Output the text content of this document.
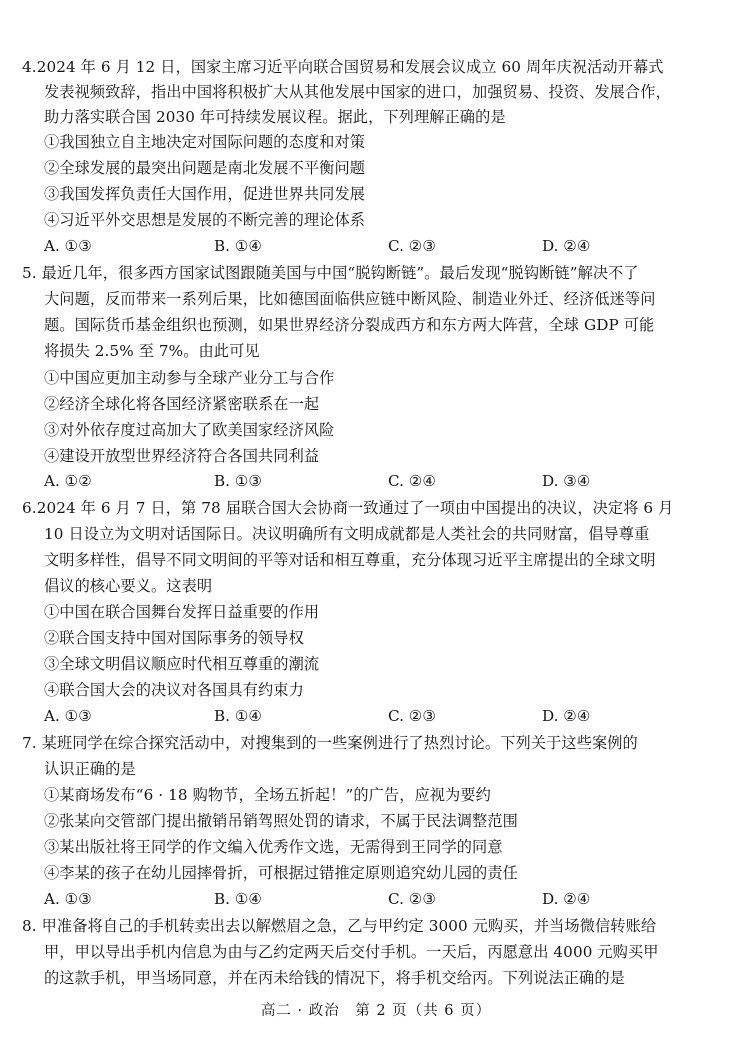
4.2024 年 6 月 12 日，国家主席习近平向联合国贸易和发展会议成立 60 周年庆祝活动开幕式
发表视频致辞，指出中国将积极扩大从其他发展中国家的进口，加强贸易、投资、发展合作，
助力落实联合国 2030 年可持续发展议程。据此，下列理解正确的是
①我国独立自主地决定对国际问题的态度和对策
②全球发展的最突出问题是南北发展不平衡问题
③我国发挥负责任大国作用，促进世界共同发展
④习近平外交思想是发展的不断完善的理论体系
A. ①③	B. ①④	C. ②③	D. ②④
5. 最近几年，很多西方国家试图跟随美国与中国“脱钩断链”。最后发现“脱钩断链”解决不了
大问题，反而带来一系列后果，比如德国面临供应链中断风险、制造业外迁、经济低迷等问
题。国际货币基金组织也预测，如果世界经济分裂成西方和东方两大阵营，全球 GDP 可能
将损失 2.5% 至 7%。由此可见
①中国应更加主动参与全球产业分工与合作
②经济全球化将各国经济紧密联系在一起
③对外依存度过高加大了欧美国家经济风险
④建设开放型世界经济符合各国共同利益
A. ①②	B. ①③	C. ②④	D. ③④
6.2024 年 6 月 7 日，第 78 届联合国大会协商一致通过了一项由中国提出的决议，决定将 6 月
10 日设立为文明对话国际日。决议明确所有文明成就都是人类社会的共同财富，倡导尊重
文明多样性，倡导不同文明间的平等对话和相互尊重，充分体现习近平主席提出的全球文明
倡议的核心要义。这表明
①中国在联合国舞台发挥日益重要的作用
②联合国支持中国对国际事务的领导权
③全球文明倡议顺应时代相互尊重的潮流
④联合国大会的决议对各国具有约束力
A. ①③	B. ①④	C. ②③	D. ②④
7. 某班同学在综合探究活动中，对搜集到的一些案例进行了热烈讨论。下列关于这些案例的
认识正确的是
①某商场发布“6 · 18 购物节，全场五折起！”的广告，应视为要约
②张某向交管部门提出撤销吊销驾照处罚的请求，不属于民法调整范围
③某出版社将王同学的作文编入优秀作文选，无需得到王同学的同意
④李某的孩子在幼儿园摔骨折，可根据过错推定原则追究幼儿园的责任
A. ①③	B. ①④	C. ②③	D. ②④
8. 甲准备将自己的手机转卖出去以解燃眉之急，乙与甲约定 3000 元购买，并当场微信转账给
甲，甲以导出手机内信息为由与乙约定两天后交付手机。一天后，丙愿意出 4000 元购买甲
的这款手机，甲当场同意，并在丙未给钱的情况下，将手机交给丙。下列说法正确的是
高二 · 政治　第 2 页（共 6 页）
